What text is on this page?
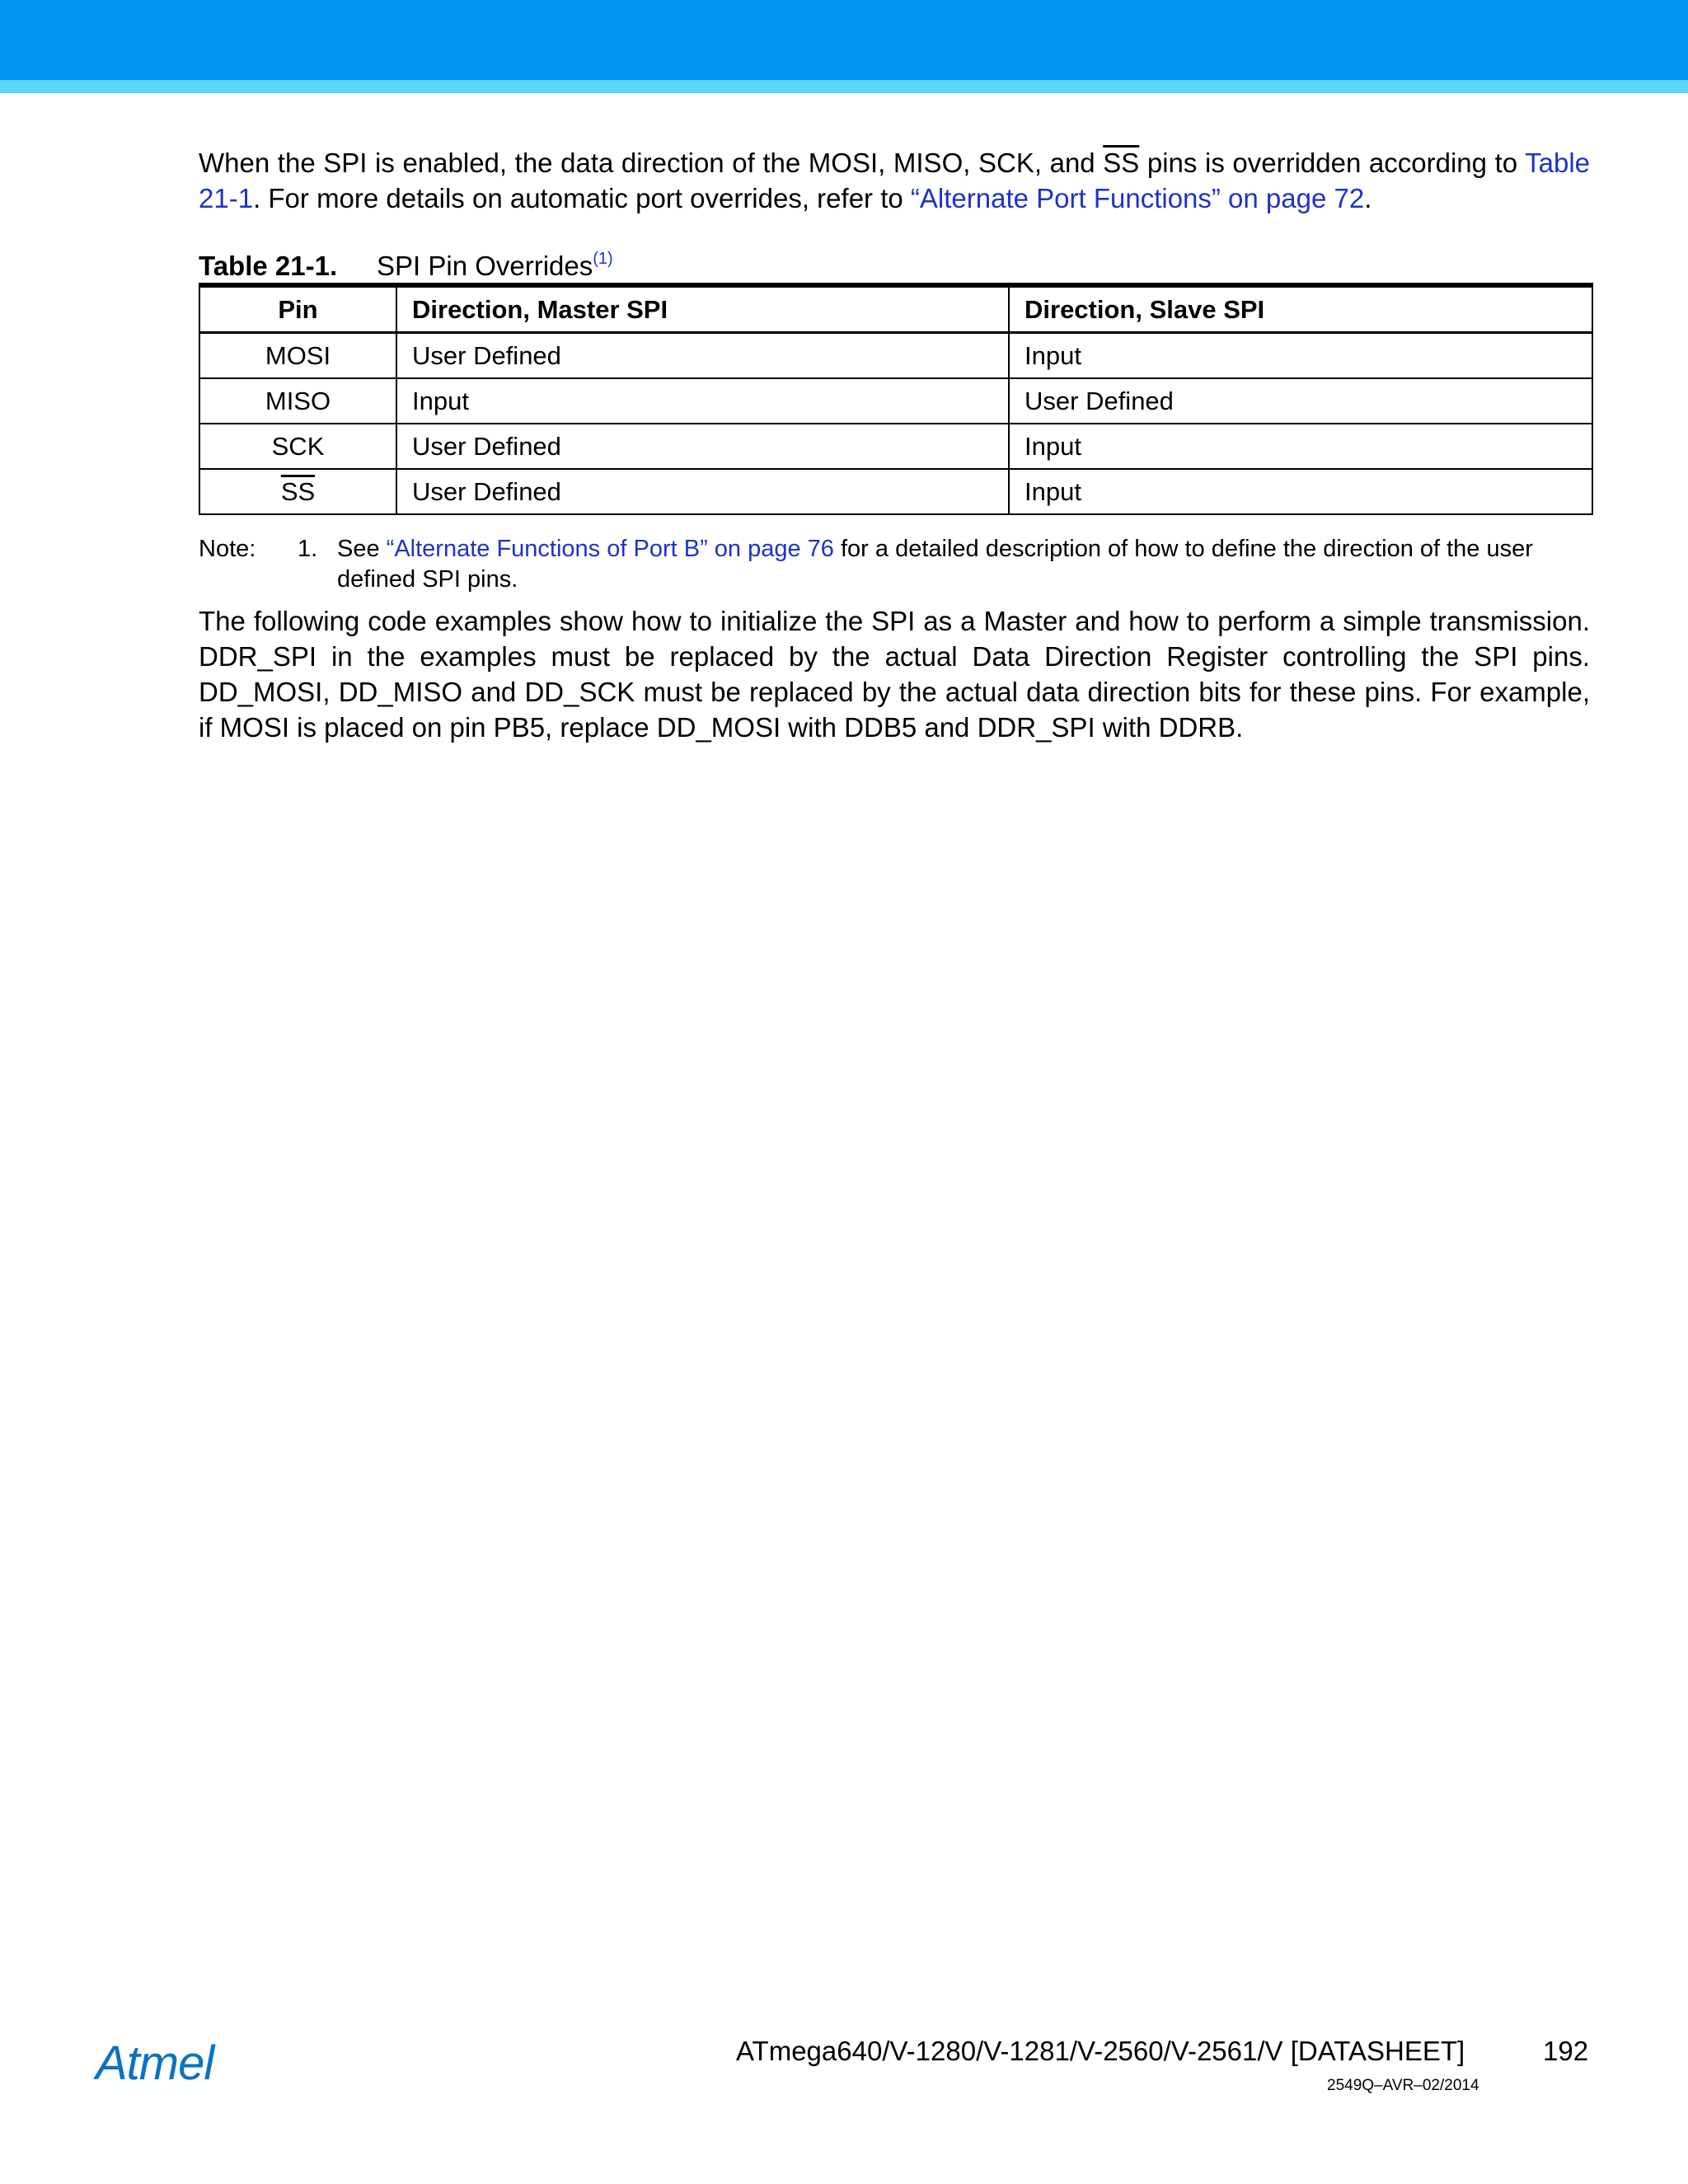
When the SPI is enabled, the data direction of the MOSI, MISO, SCK, and $\overline{SS}$ pins is overridden according to Table 21-1. For more details on automatic port overrides, refer to “Alternate Port Functions” on page 72.

Table 21-1. SPI Pin Overrides$^{(1)}$
Pin	Direction, Master SPI	Direction, Slave SPI
MOSI	User Defined	Input
MISO	Input	User Defined
SCK	User Defined	Input
$\overline{SS}$	User Defined	Input
Note: 1. See “Alternate Functions of Port B” on page 76 for a detailed description of how to define the direction of the user defined SPI pins.

The following code examples show how to initialize the SPI as a Master and how to perform a simple transmission. DDR_SPI in the examples must be replaced by the actual Data Direction Register controlling the SPI pins. DD_MOSI, DD_MISO and DD_SCK must be replaced by the actual data direction bits for these pins. For example, if MOSI is placed on pin PB5, replace DD_MOSI with DDB5 and DDR_SPI with DDRB.

Atmel	ATmega640/V-1280/V-1281/V-2560/V-2561/V [DATASHEET]	192
2549Q–AVR–02/2014
